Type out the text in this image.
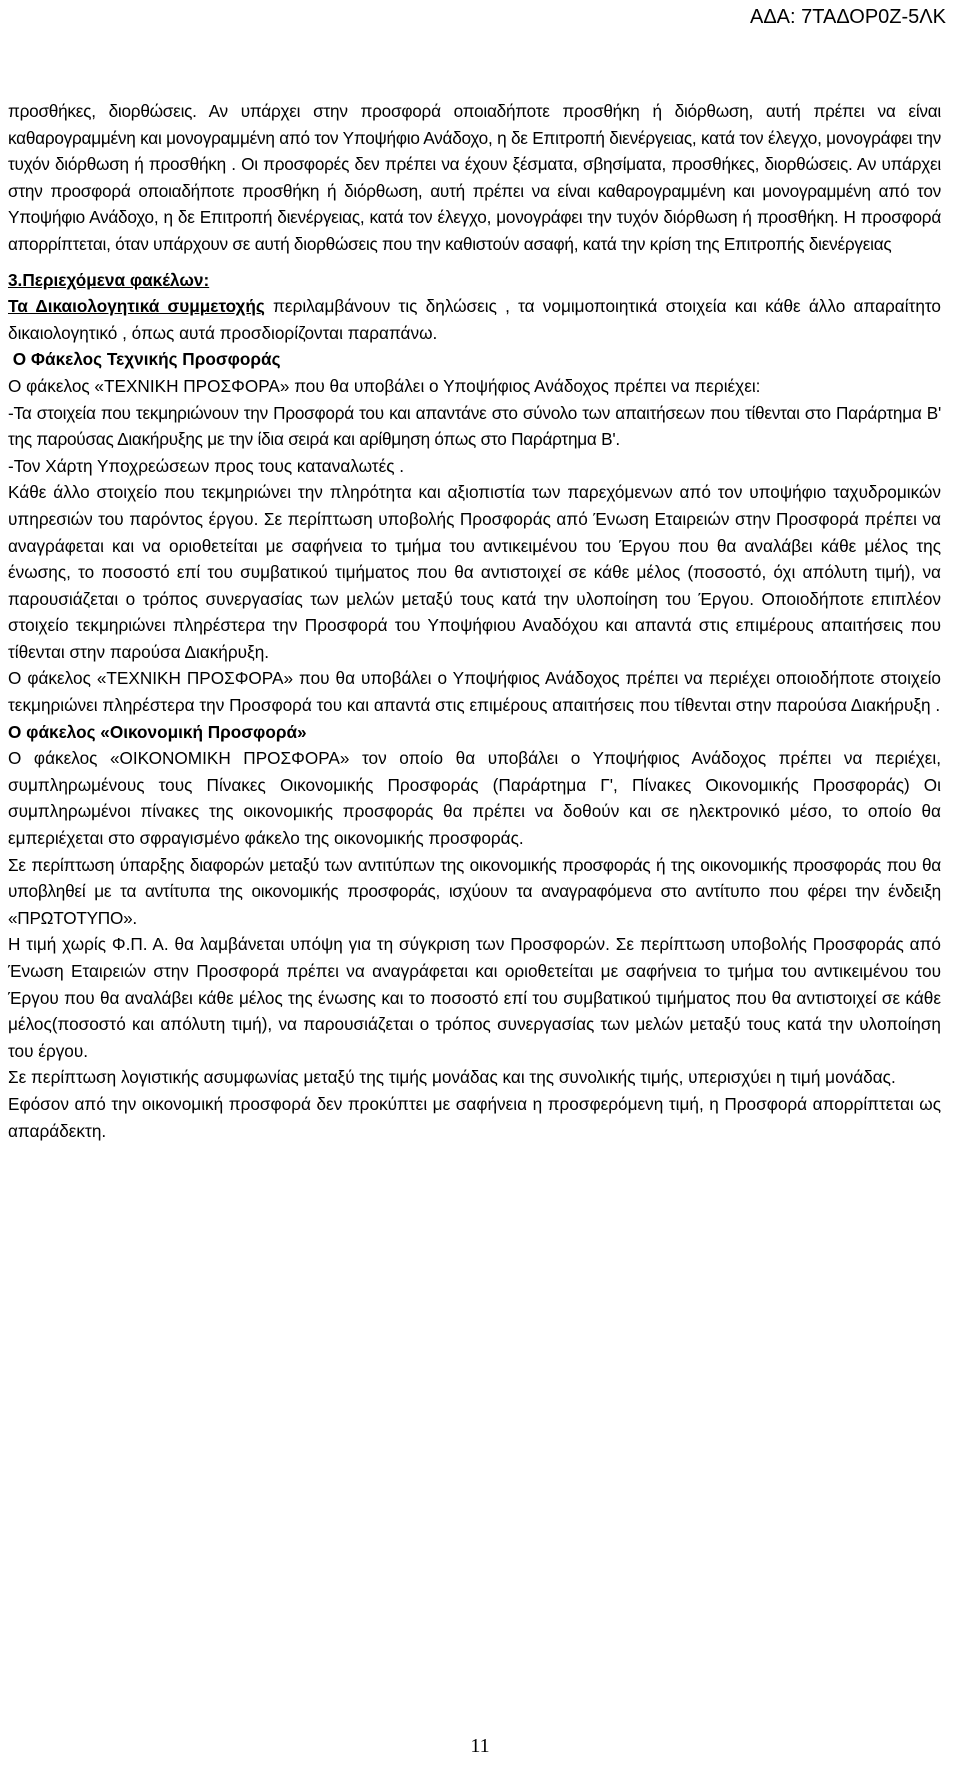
ΑΔΑ: 7ΤΑΔΟΡ0Ζ-5ΛΚ

προσθήκες, διορθώσεις. Αν υπάρχει στην προσφορά οποιαδήποτε προσθήκη ή διόρθωση, αυτή πρέπει να είναι καθαρογραμμένη και μονογραμμένη από τον Υποψήφιο Ανάδοχο, η δε Επιτροπή διενέργειας, κατά τον έλεγχο, μονογράφει την τυχόν διόρθωση ή προσθήκη . Οι προσφορές δεν πρέπει να έχουν ξέσματα, σβησίματα, προσθήκες, διορθώσεις. Αν υπάρχει στην προσφορά οποιαδήποτε προσθήκη ή διόρθωση, αυτή πρέπει να είναι καθαρογραμμένη και μονογραμμένη από τον Υποψήφιο Ανάδοχο, η δε Επιτροπή διενέργειας, κατά τον έλεγχο, μονογράφει την τυχόν διόρθωση ή προσθήκη. Η προσφορά απορρίπτεται, όταν υπάρχουν σε αυτή διορθώσεις που την καθιστούν ασαφή, κατά την κρίση της Επιτροπής διενέργειας

3.Περιεχόμενα φακέλων:

Τα Δικαιολογητικά συμμετοχής περιλαμβάνουν τις δηλώσεις , τα νομιμοποιητικά στοιχεία και κάθε άλλο απαραίτητο δικαιολογητικό , όπως αυτά προσδιορίζονται παραπάνω.

Ο Φάκελος Τεχνικής Προσφοράς

Ο φάκελος «ΤΕΧΝΙΚΗ ΠΡΟΣΦΟΡΑ» που θα υποβάλει ο Υποψήφιος Ανάδοχος πρέπει να περιέχει:

-Τα στοιχεία που τεκμηριώνουν την Προσφορά του και απαντάνε στο σύνολο των απαιτήσεων που τίθενται στο Παράρτημα Β' της παρούσας Διακήρυξης με την ίδια σειρά και αρίθμηση όπως στο Παράρτημα Β'.

-Τον Χάρτη Υποχρεώσεων προς τους καταναλωτές .

Κάθε άλλο στοιχείο που τεκμηριώνει την πληρότητα και αξιοπιστία των παρεχόμενων από τον υποψήφιο ταχυδρομικών υπηρεσιών του παρόντος έργου. Σε περίπτωση υποβολής Προσφοράς από Ένωση Εταιρειών στην Προσφορά πρέπει να αναγράφεται και να οριοθετείται με σαφήνεια το τμήμα του αντικειμένου του Έργου που θα αναλάβει κάθε μέλος της ένωσης, το ποσοστό επί του συμβατικού τιμήματος που θα αντιστοιχεί σε κάθε μέλος (ποσοστό, όχι απόλυτη τιμή), να παρουσιάζεται ο τρόπος συνεργασίας των μελών μεταξύ τους κατά την υλοποίηση του Έργου. Οποιοδήποτε επιπλέον στοιχείο τεκμηριώνει πληρέστερα την Προσφορά του Υποψήφιου Αναδόχου και απαντά στις επιμέρους απαιτήσεις που τίθενται στην παρούσα Διακήρυξη.

Ο φάκελος «ΤΕΧΝΙΚΗ ΠΡΟΣΦΟΡΑ» που θα υποβάλει ο Υποψήφιος Ανάδοχος πρέπει να περιέχει οποιοδήποτε στοιχείο τεκμηριώνει πληρέστερα την Προσφορά του και απαντά στις επιμέρους απαιτήσεις που τίθενται στην παρούσα Διακήρυξη .

Ο φάκελος «Οικονομική Προσφορά»

Ο φάκελος «ΟΙΚΟΝΟΜΙΚΗ ΠΡΟΣΦΟΡΑ» τον οποίο θα υποβάλει ο Υποψήφιος Ανάδοχος πρέπει να περιέχει, συμπληρωμένους τους Πίνακες Οικονομικής Προσφοράς (Παράρτημα Γ', Πίνακες Οικονομικής Προσφοράς) Οι συμπληρωμένοι πίνακες της οικονομικής προσφοράς θα πρέπει να δοθούν και σε ηλεκτρονικό μέσο, το οποίο θα εμπεριέχεται στο σφραγισμένο φάκελο της οικονομικής προσφοράς.

Σε περίπτωση ύπαρξης διαφορών μεταξύ των αντιτύπων της οικονομικής προσφοράς ή της οικονομικής προσφοράς που θα υποβληθεί με τα αντίτυπα της οικονομικής προσφοράς, ισχύουν τα αναγραφόμενα στο αντίτυπο που φέρει την ένδειξη «ΠΡΩΤΟΤΥΠΟ».

Η τιμή χωρίς Φ.Π. Α. θα λαμβάνεται υπόψη για τη σύγκριση των Προσφορών. Σε περίπτωση υποβολής Προσφοράς από Ένωση Εταιρειών στην Προσφορά πρέπει να αναγράφεται και οριοθετείται με σαφήνεια το τμήμα του αντικειμένου του Έργου που θα αναλάβει κάθε μέλος της ένωσης και το ποσοστό επί του συμβατικού τιμήματος που θα αντιστοιχεί σε κάθε μέλος(ποσοστό και απόλυτη τιμή), να παρουσιάζεται ο τρόπος συνεργασίας των μελών μεταξύ τους κατά την υλοποίηση του έργου.

Σε περίπτωση λογιστικής ασυμφωνίας μεταξύ της τιμής μονάδας και της συνολικής τιμής, υπερισχύει η τιμή μονάδας.

Εφόσον από την οικονομική προσφορά δεν προκύπτει με σαφήνεια η προσφερόμενη τιμή, η Προσφορά απορρίπτεται ως απαράδεκτη.

11
